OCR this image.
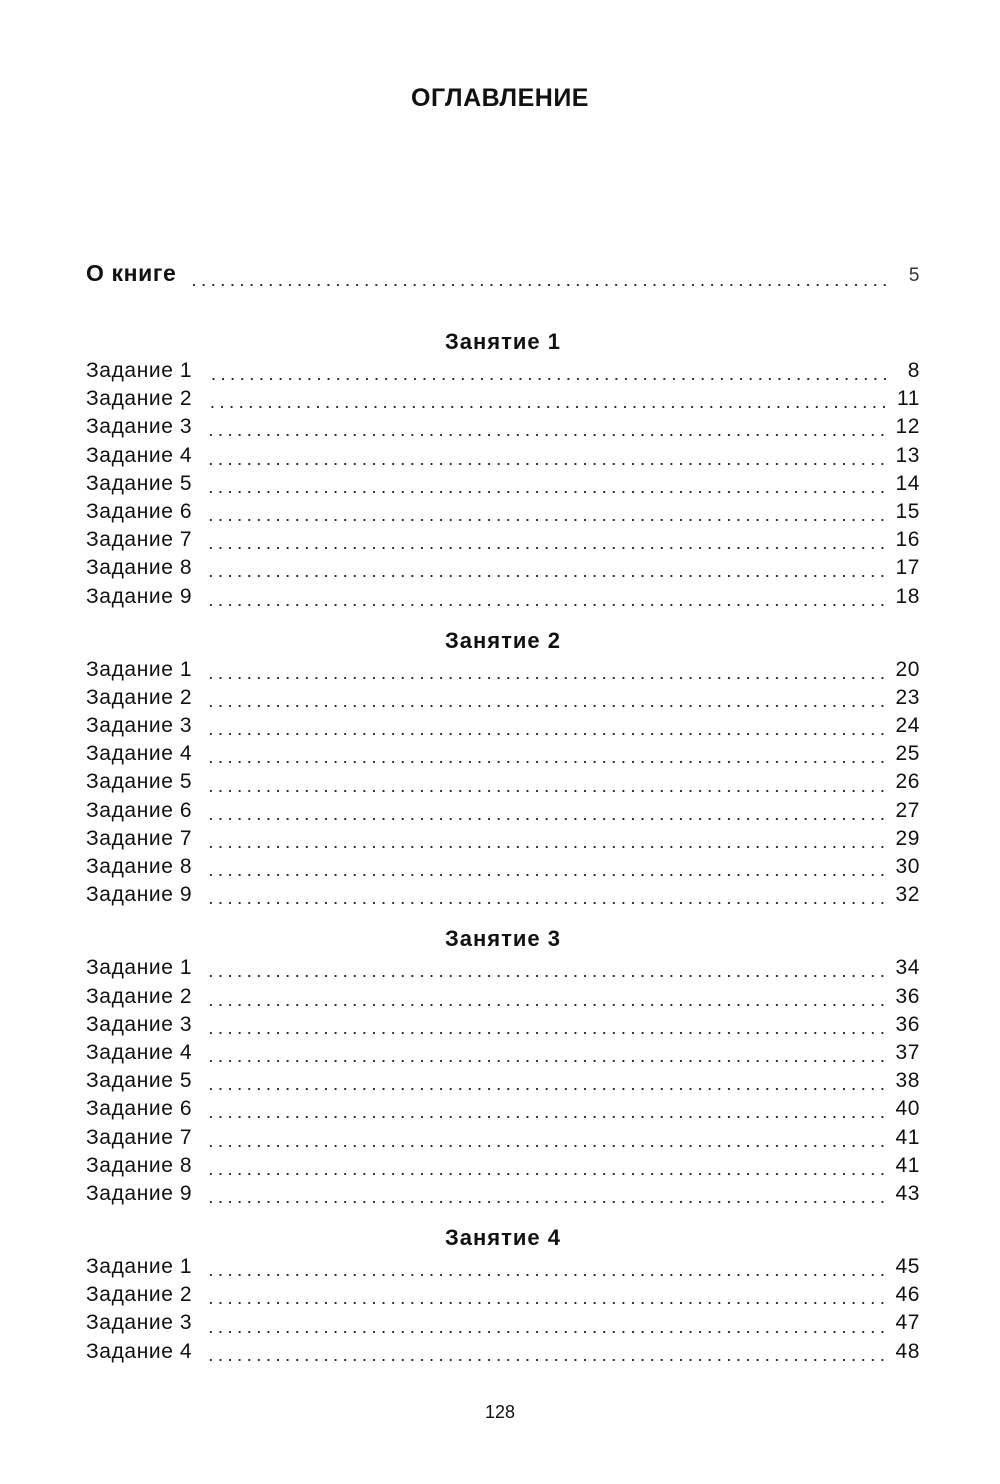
ОГЛАВЛЕНИЕ
О книге	5
Занятие 1
Задание 1	8
Задание 2	11
Задание 3	12
Задание 4	13
Задание 5	14
Задание 6	15
Задание 7	16
Задание 8	17
Задание 9	18
Занятие 2
Задание 1	20
Задание 2	23
Задание 3	24
Задание 4	25
Задание 5	26
Задание 6	27
Задание 7	29
Задание 8	30
Задание 9	32
Занятие 3
Задание 1	34
Задание 2	36
Задание 3	36
Задание 4	37
Задание 5	38
Задание 6	40
Задание 7	41
Задание 8	41
Задание 9	43
Занятие 4
Задание 1	45
Задание 2	46
Задание 3	47
Задание 4	48
128
